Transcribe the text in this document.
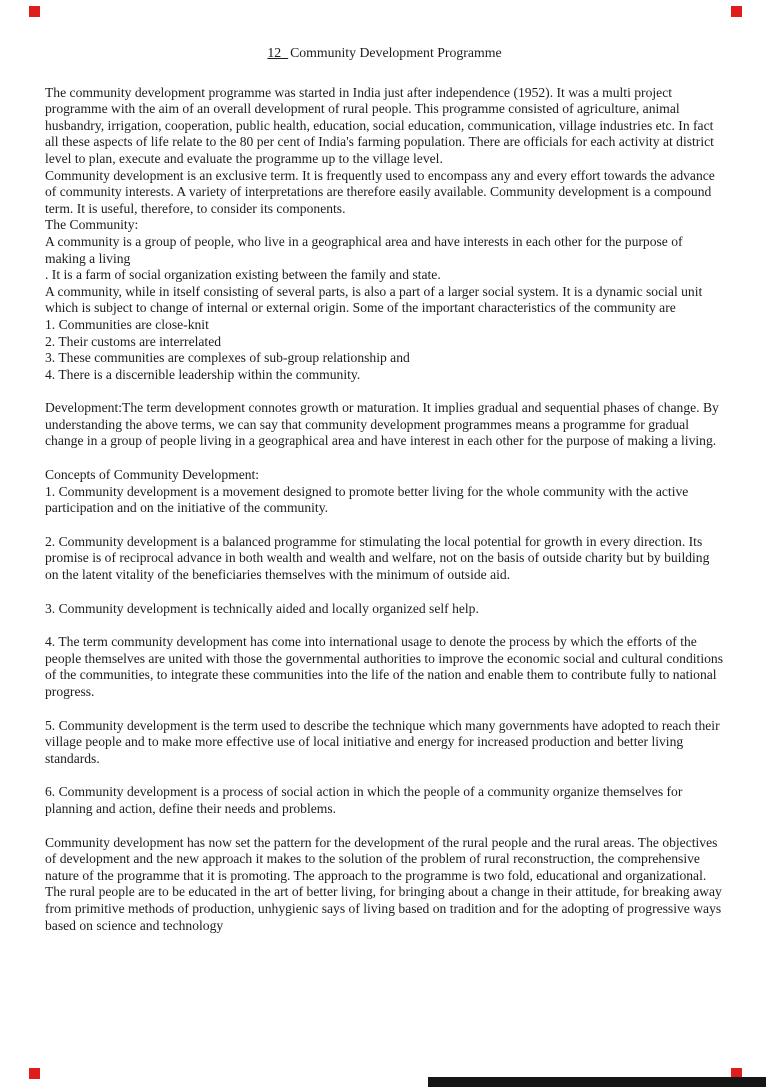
12 Community Development Programme

The community development programme was started in India just after independence (1952). It was a multi project programme with the aim of an overall development of rural people. This programme consisted of agriculture, animal husbandry, irrigation, cooperation, public health, education, social education, communication, village industries etc. In fact all these aspects of life relate to the 80 per cent of India's farming population. There are officials for each activity at district level to plan, execute and evaluate the programme up to the village level.

Community development is an exclusive term. It is frequently used to encompass any and every effort towards the advance of community interests. A variety of interpretations are therefore easily available. Community development is a compound term. It is useful, therefore, to consider its components.

The Community:

A community is a group of people, who live in a geographical area and have interests in each other for the purpose of making a living

. It is a farm of social organization existing between the family and state.

A community, while in itself consisting of several parts, is also a part of a larger social system. It is a dynamic social unit which is subject to change of internal or external origin. Some of the important characteristics of the community are

1. Communities are close-knit

2. Their customs are interrelated

3. These communities are complexes of sub-group relationship and

4. There is a discernible leadership within the community.

Development:The term development connotes growth or maturation. It implies gradual and sequential phases of change. By understanding the above terms, we can say that community development programmes means a programme for gradual change in a group of people living in a geographical area and have interest in each other for the purpose of making a living.

Concepts of Community Development:

1. Community development is a movement designed to promote better living for the whole community with the active participation and on the initiative of the community.

2. Community development is a balanced programme for stimulating the local potential for growth in every direction. Its promise is of reciprocal advance in both wealth and wealth and welfare, not on the basis of outside charity but by building on the latent vitality of the beneficiaries themselves with the minimum of outside aid.

3. Community development is technically aided and locally organized self help.

4. The term community development has come into international usage to denote the process by which the efforts of the people themselves are united with those the governmental authorities to improve the economic social and cultural conditions of the communities, to integrate these communities into the life of the nation and enable them to contribute fully to national progress.

5. Community development is the term used to describe the technique which many governments have adopted to reach their village people and to make more effective use of local initiative and energy for increased production and better living standards.

6. Community development is a process of social action in which the people of a community organize themselves for planning and action, define their needs and problems.

Community development has now set the pattern for the development of the rural people and the rural areas. The objectives of development and the new approach it makes to the solution of the problem of rural reconstruction, the comprehensive nature of the programme that it is promoting. The approach to the programme is two fold, educational and organizational. The rural people are to be educated in the art of better living, for bringing about a change in their attitude, for breaking away from primitive methods of production, unhygienic says of living based on tradition and for the adopting of progressive ways based on science and technology
